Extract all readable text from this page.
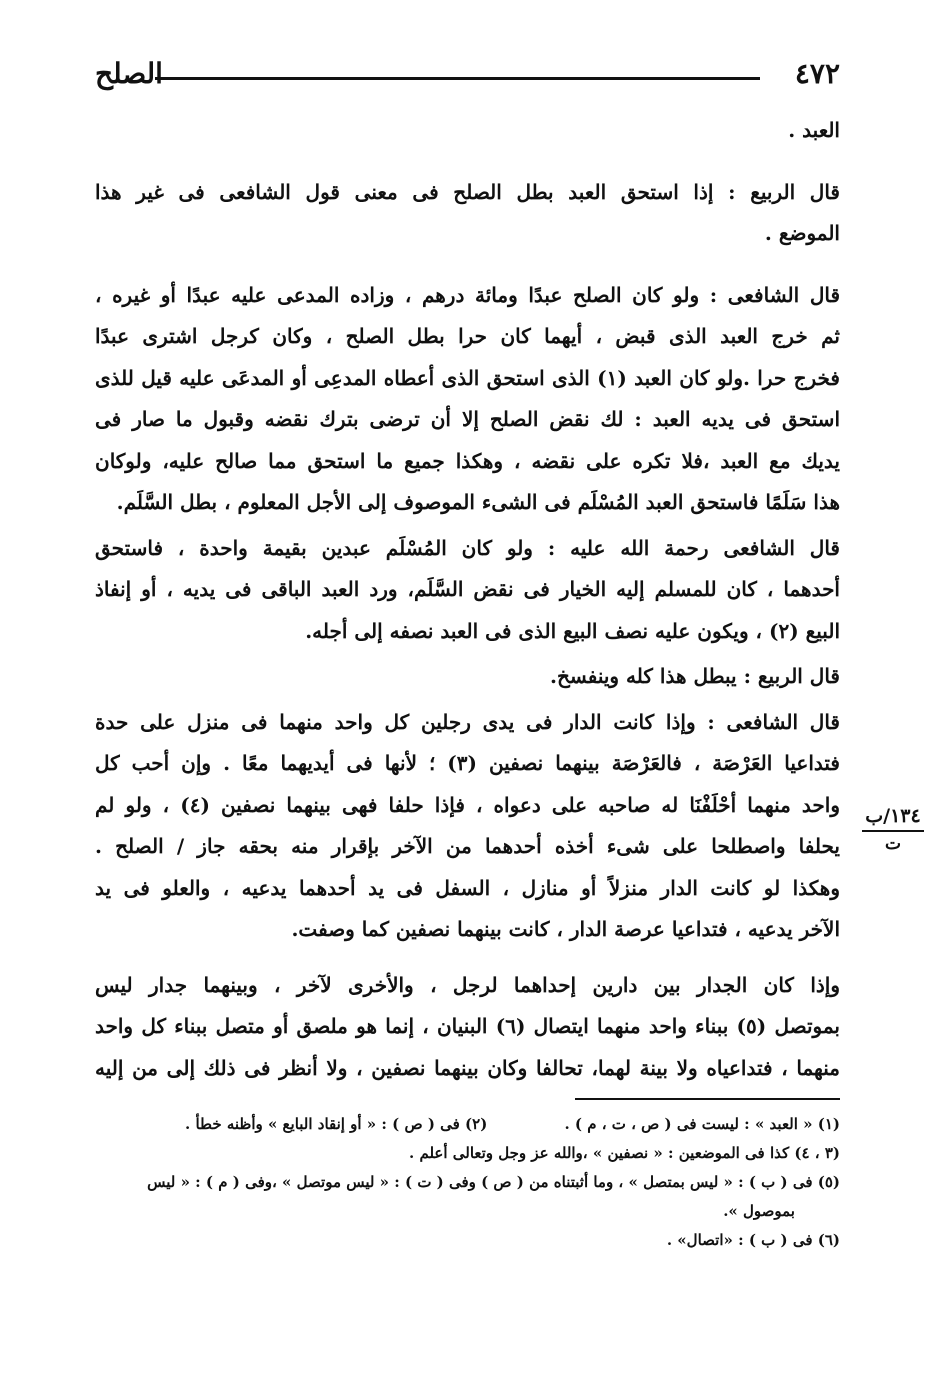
٤٧٢
الصلح
العبد .
قال الربيع : إذا استحق العبد بطل الصلح فى معنى قول الشافعى فى غير هذا
الموضع .
قال الشافعى : ولو كان الصلح عبدًا ومائة درهم ، وزاده المدعى عليه عبدًا أو غيره ،
ثم خرج العبد الذى قبض ، أيهما كان حرا بطل الصلح ، وكان كرجل اشترى عبدًا
فخرج حرا .ولو كان العبد (١) الذى استحق الذى أعطاه المدعِى أو المدعَى عليه قيل للذى
استحق فى يديه العبد : لك نقض الصلح إلا أن ترضى بترك نقضه وقبول ما صار فى
يديك مع العبد ،فلا تكره على نقضه ، وهكذا جميع ما استحق مما صالح عليه، ولوكان
هذا سَلَمًا فاستحق العبد المُسْلَم فى الشىء الموصوف إلى الأجل المعلوم ، بطل السَّلَم.
قال الشافعى رحمة الله عليه : ولو كان المُسْلَم عبدين بقيمة واحدة ، فاستحق
أحدهما ، كان للمسلم إليه الخيار فى نقض السَّلَم، ورد العبد الباقى فى يديه ، أو إنفاذ
البيع (٢) ، ويكون عليه نصف البيع الذى فى العبد نصفه إلى أجله.
قال الربيع : يبطل هذا كله وينفسخ.
قال الشافعى : وإذا كانت الدار فى يدى رجلين كل واحد منهما فى منزل على حدة
فتداعيا العَرْصَة ، فالعَرْصَة بينهما نصفين (٣) ؛ لأنها فى أيديهما معًا . وإن أحب كل
واحد منهما أحْلَفْنَا له صاحبه على دعواه ، فإذا حلفا فهى بينهما نصفين (٤) ، ولو لم
يحلفا واصطلحا على شىء أخذه أحدهما من الآخر بإقرار منه بحقه جاز / الصلح .
وهكذا لو كانت الدار منزلاً أو منازل ، السفل فى يد أحدهما يدعيه ، والعلو فى يد
الآخر يدعيه ، فتداعيا عرصة الدار ، كانت بينهما نصفين كما وصفت.
وإذا كان الجدار بين دارين إحداهما لرجل ، والأخرى لآخر ، وبينهما جدار ليس
بموتصل (٥) ببناء واحد منهما ايتصال (٦) البنيان ، إنما هو ملصق أو متصل ببناء كل واحد
منهما ، فتداعياه ولا بينة لهما، تحالفا وكان بينهما نصفين ، ولا أنظر فى ذلك إلى من إليه
١٣٤/ب
ت
(١) « العبد » : ليست فى ( ص ، ت ، م ) .
(٢) فى ( ص ) : « أو إنقاد البايع » وأظنه خطأ .
(٣ ، ٤) كذا فى الموضعين : « نصفين » ،والله عز وجل وتعالى أعلم .
(٥) فى ( ب ) : « ليس بمتصل » ، وما أثبتناه من ( ص ) وفى ( ت ) : « ليس موتصل » ،وفى ( م ) : « ليس
بموصول ».
(٦) فى ( ب ) : «اتصال» .
